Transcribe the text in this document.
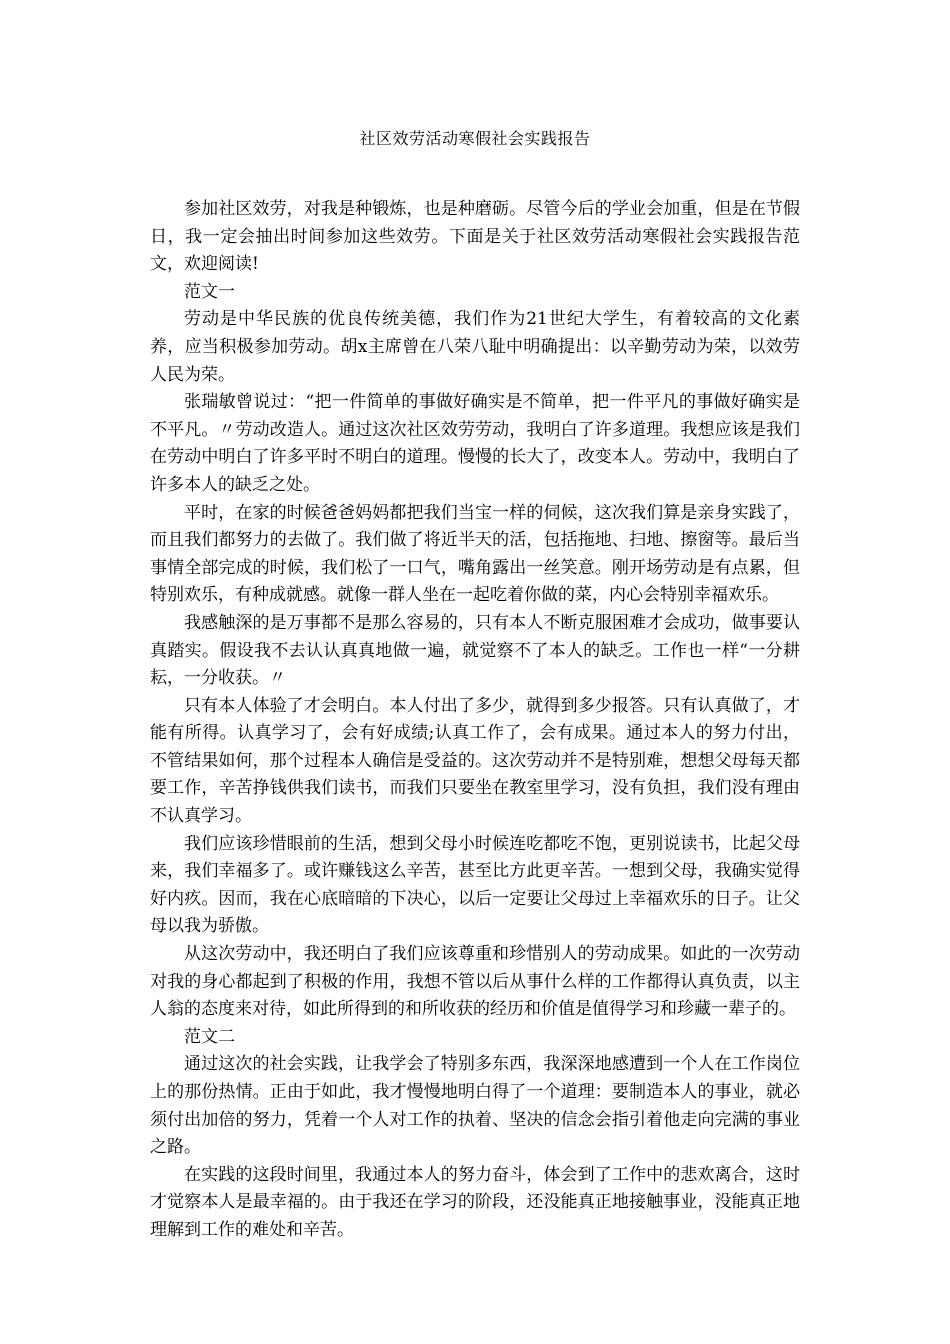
社区效劳活动寒假社会实践报告

参加社区效劳，对我是种锻炼，也是种磨砺。尽管今后的学业会加重，但是在节假日，我一定会抽出时间参加这些效劳。下面是关于社区效劳活动寒假社会实践报告范文，欢迎阅读!

范文一

劳动是中华民族的优良传统美德，我们作为21世纪大学生，有着较高的文化素养，应当积极参加劳动。胡x主席曾在八荣八耻中明确提出：以辛勤劳动为荣，以效劳人民为荣。

张瑞敏曾说过：“把一件简单的事做好确实是不简单，把一件平凡的事做好确实是不平凡。〃劳动改造人。通过这次社区效劳劳动，我明白了许多道理。我想应该是我们在劳动中明白了许多平时不明白的道理。慢慢的长大了，改变本人。劳动中，我明白了许多本人的缺乏之处。

平时，在家的时候爸爸妈妈都把我们当宝一样的伺候，这次我们算是亲身实践了，而且我们都努力的去做了。我们做了将近半天的活，包括拖地、扫地、擦窗等。最后当事情全部完成的时候，我们松了一口气，嘴角露出一丝笑意。刚开场劳动是有点累，但特别欢乐，有种成就感。就像一群人坐在一起吃着你做的菜，内心会特别幸福欢乐。

我感触深的是万事都不是那么容易的，只有本人不断克服困难才会成功，做事要认真踏实。假设我不去认认真真地做一遍，就觉察不了本人的缺乏。工作也一样“一分耕耘，一分收获。〃

只有本人体验了才会明白。本人付出了多少，就得到多少报答。只有认真做了，才能有所得。认真学习了，会有好成绩;认真工作了，会有成果。通过本人的努力付出，不管结果如何，那个过程本人确信是受益的。这次劳动并不是特别难，想想父母每天都要工作，辛苦挣钱供我们读书，而我们只要坐在教室里学习，没有负担，我们没有理由不认真学习。

我们应该珍惜眼前的生活，想到父母小时候连吃都吃不饱，更别说读书，比起父母来，我们幸福多了。或许赚钱这么辛苦，甚至比方此更辛苦。一想到父母，我确实觉得好内疚。因而，我在心底暗暗的下决心，以后一定要让父母过上幸福欢乐的日子。让父母以我为骄傲。

从这次劳动中，我还明白了我们应该尊重和珍惜别人的劳动成果。如此的一次劳动对我的身心都起到了积极的作用，我想不管以后从事什么样的工作都得认真负责，以主人翁的态度来对待，如此所得到的和所收获的经历和价值是值得学习和珍藏一辈子的。

范文二

通过这次的社会实践，让我学会了特别多东西，我深深地感遭到一个人在工作岗位上的那份热情。正由于如此，我才慢慢地明白得了一个道理：要制造本人的事业，就必须付出加倍的努力，凭着一个人对工作的执着、坚决的信念会指引着他走向完满的事业之路。

在实践的这段时间里，我通过本人的努力奋斗，体会到了工作中的悲欢离合，这时才觉察本人是最幸福的。由于我还在学习的阶段，还没能真正地接触事业，没能真正地理解到工作的难处和辛苦。
